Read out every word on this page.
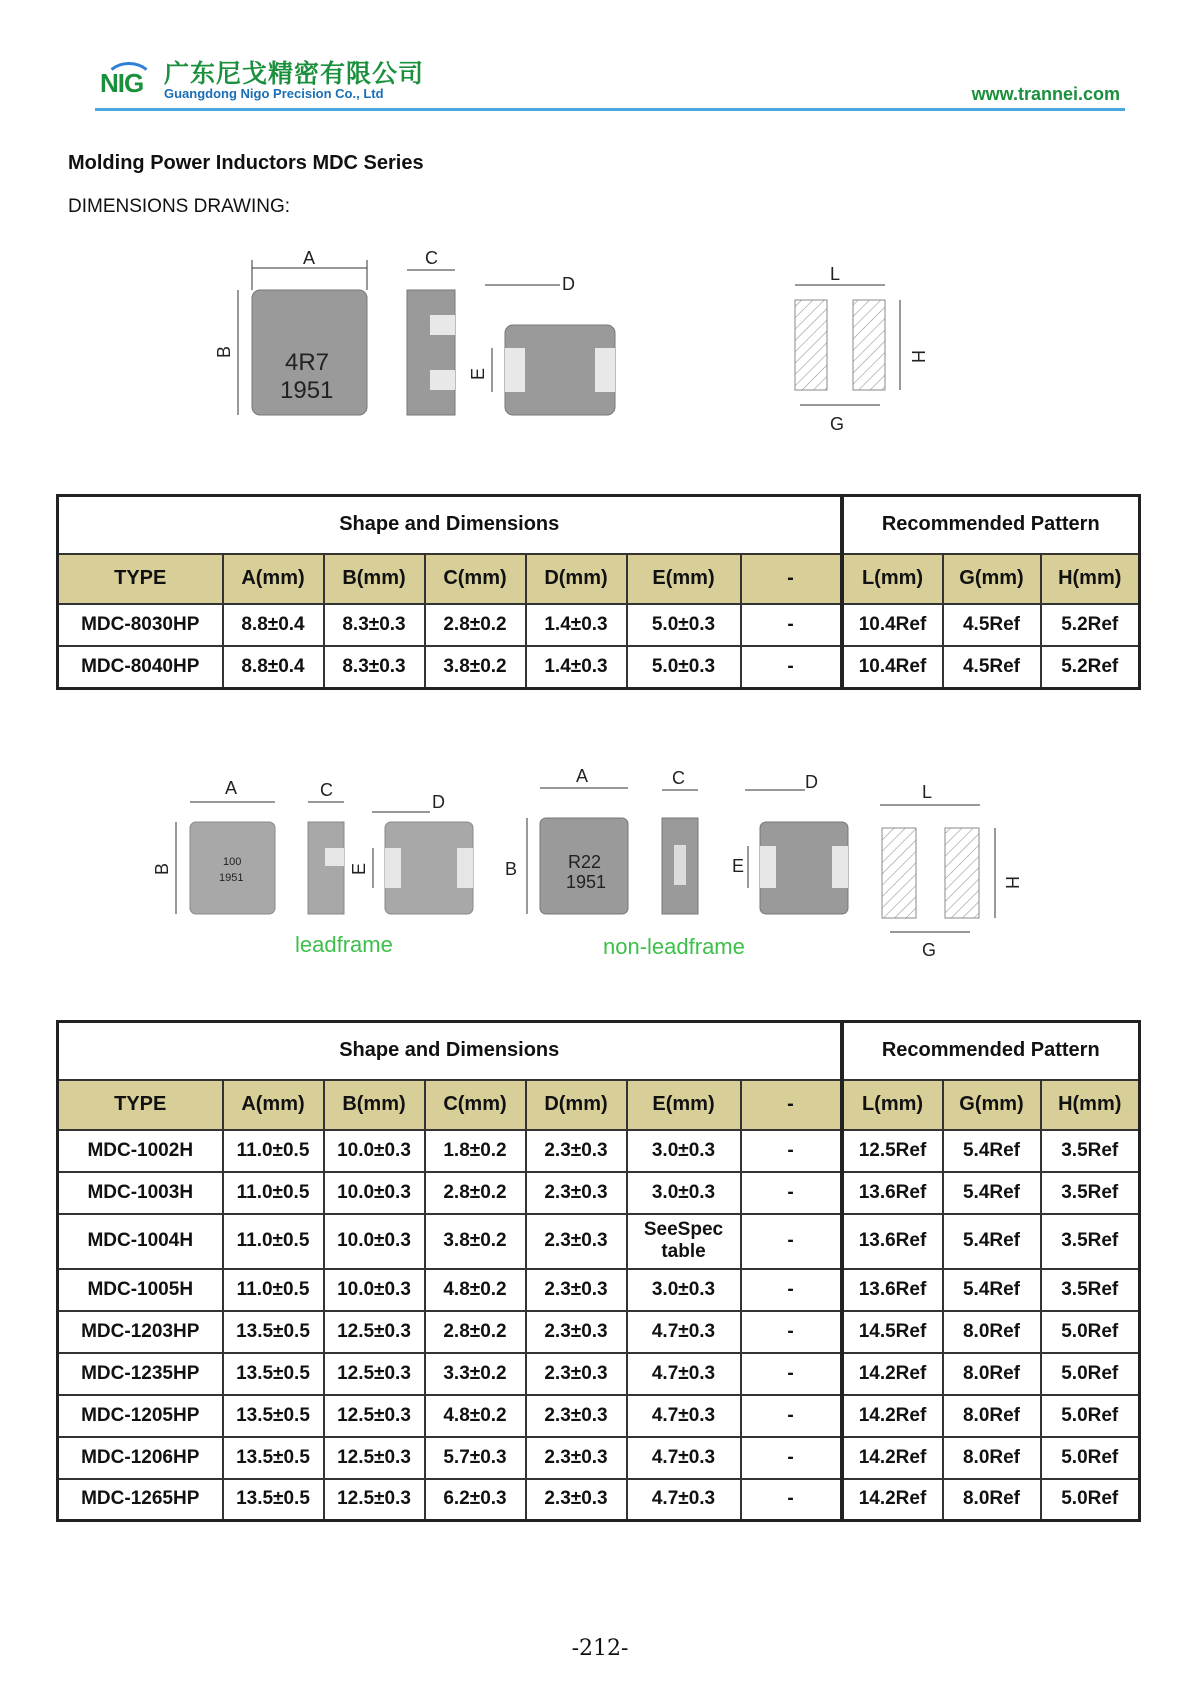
NIG 广东尼戈精密有限公司
Guangdong Nigo Precision Co., Ltd	www.trannei.com
Molding Power Inductors MDC Series
DIMENSIONS DRAWING:
A
B 4R7
1951
C
D
E
L
H
G
Shape and Dimensions							Recommended Pattern		
TYPE	A(mm)	B(mm)	C(mm)	D(mm)	E(mm)	-	L(mm)	G(mm)	H(mm)
MDC-8030HP	8.8±0.4	8.3±0.3	2.8±0.2	1.4±0.3	5.0±0.3	-	10.4Ref	4.5Ref	5.2Ref
MDC-8040HP	8.8±0.4	8.3±0.3	3.8±0.2	1.4±0.3	5.0±0.3	-	10.4Ref	4.5Ref	5.2Ref
A
B
100
1951
C
D
E
A
B	R22
1951
C	D
E
L
H
G
leadframe	non-leadframe
Shape and Dimensions							Recommended Pattern		
TYPE	A(mm)	B(mm)	C(mm)	D(mm)	E(mm)	-	L(mm)	G(mm)	H(mm)
MDC-1002H	11.0±0.5	10.0±0.3	1.8±0.2	2.3±0.3	3.0±0.3	-	12.5Ref	5.4Ref	3.5Ref
MDC-1003H	11.0±0.5	10.0±0.3	2.8±0.2	2.3±0.3	3.0±0.3	-	13.6Ref	5.4Ref	3.5Ref
MDC-1004H	11.0±0.5	10.0±0.3	3.8±0.2	2.3±0.3	SeeSpec table	-	13.6Ref	5.4Ref	3.5Ref
MDC-1005H	11.0±0.5	10.0±0.3	4.8±0.2	2.3±0.3	3.0±0.3	-	13.6Ref	5.4Ref	3.5Ref
MDC-1203HP	13.5±0.5	12.5±0.3	2.8±0.2	2.3±0.3	4.7±0.3	-	14.5Ref	8.0Ref	5.0Ref
MDC-1235HP	13.5±0.5	12.5±0.3	3.3±0.2	2.3±0.3	4.7±0.3	-	14.2Ref	8.0Ref	5.0Ref
MDC-1205HP	13.5±0.5	12.5±0.3	4.8±0.2	2.3±0.3	4.7±0.3	-	14.2Ref	8.0Ref	5.0Ref
MDC-1206HP	13.5±0.5	12.5±0.3	5.7±0.3	2.3±0.3	4.7±0.3	-	14.2Ref	8.0Ref	5.0Ref
MDC-1265HP	13.5±0.5	12.5±0.3	6.2±0.3	2.3±0.3	4.7±0.3	-	14.2Ref	8.0Ref	5.0Ref
-212-
